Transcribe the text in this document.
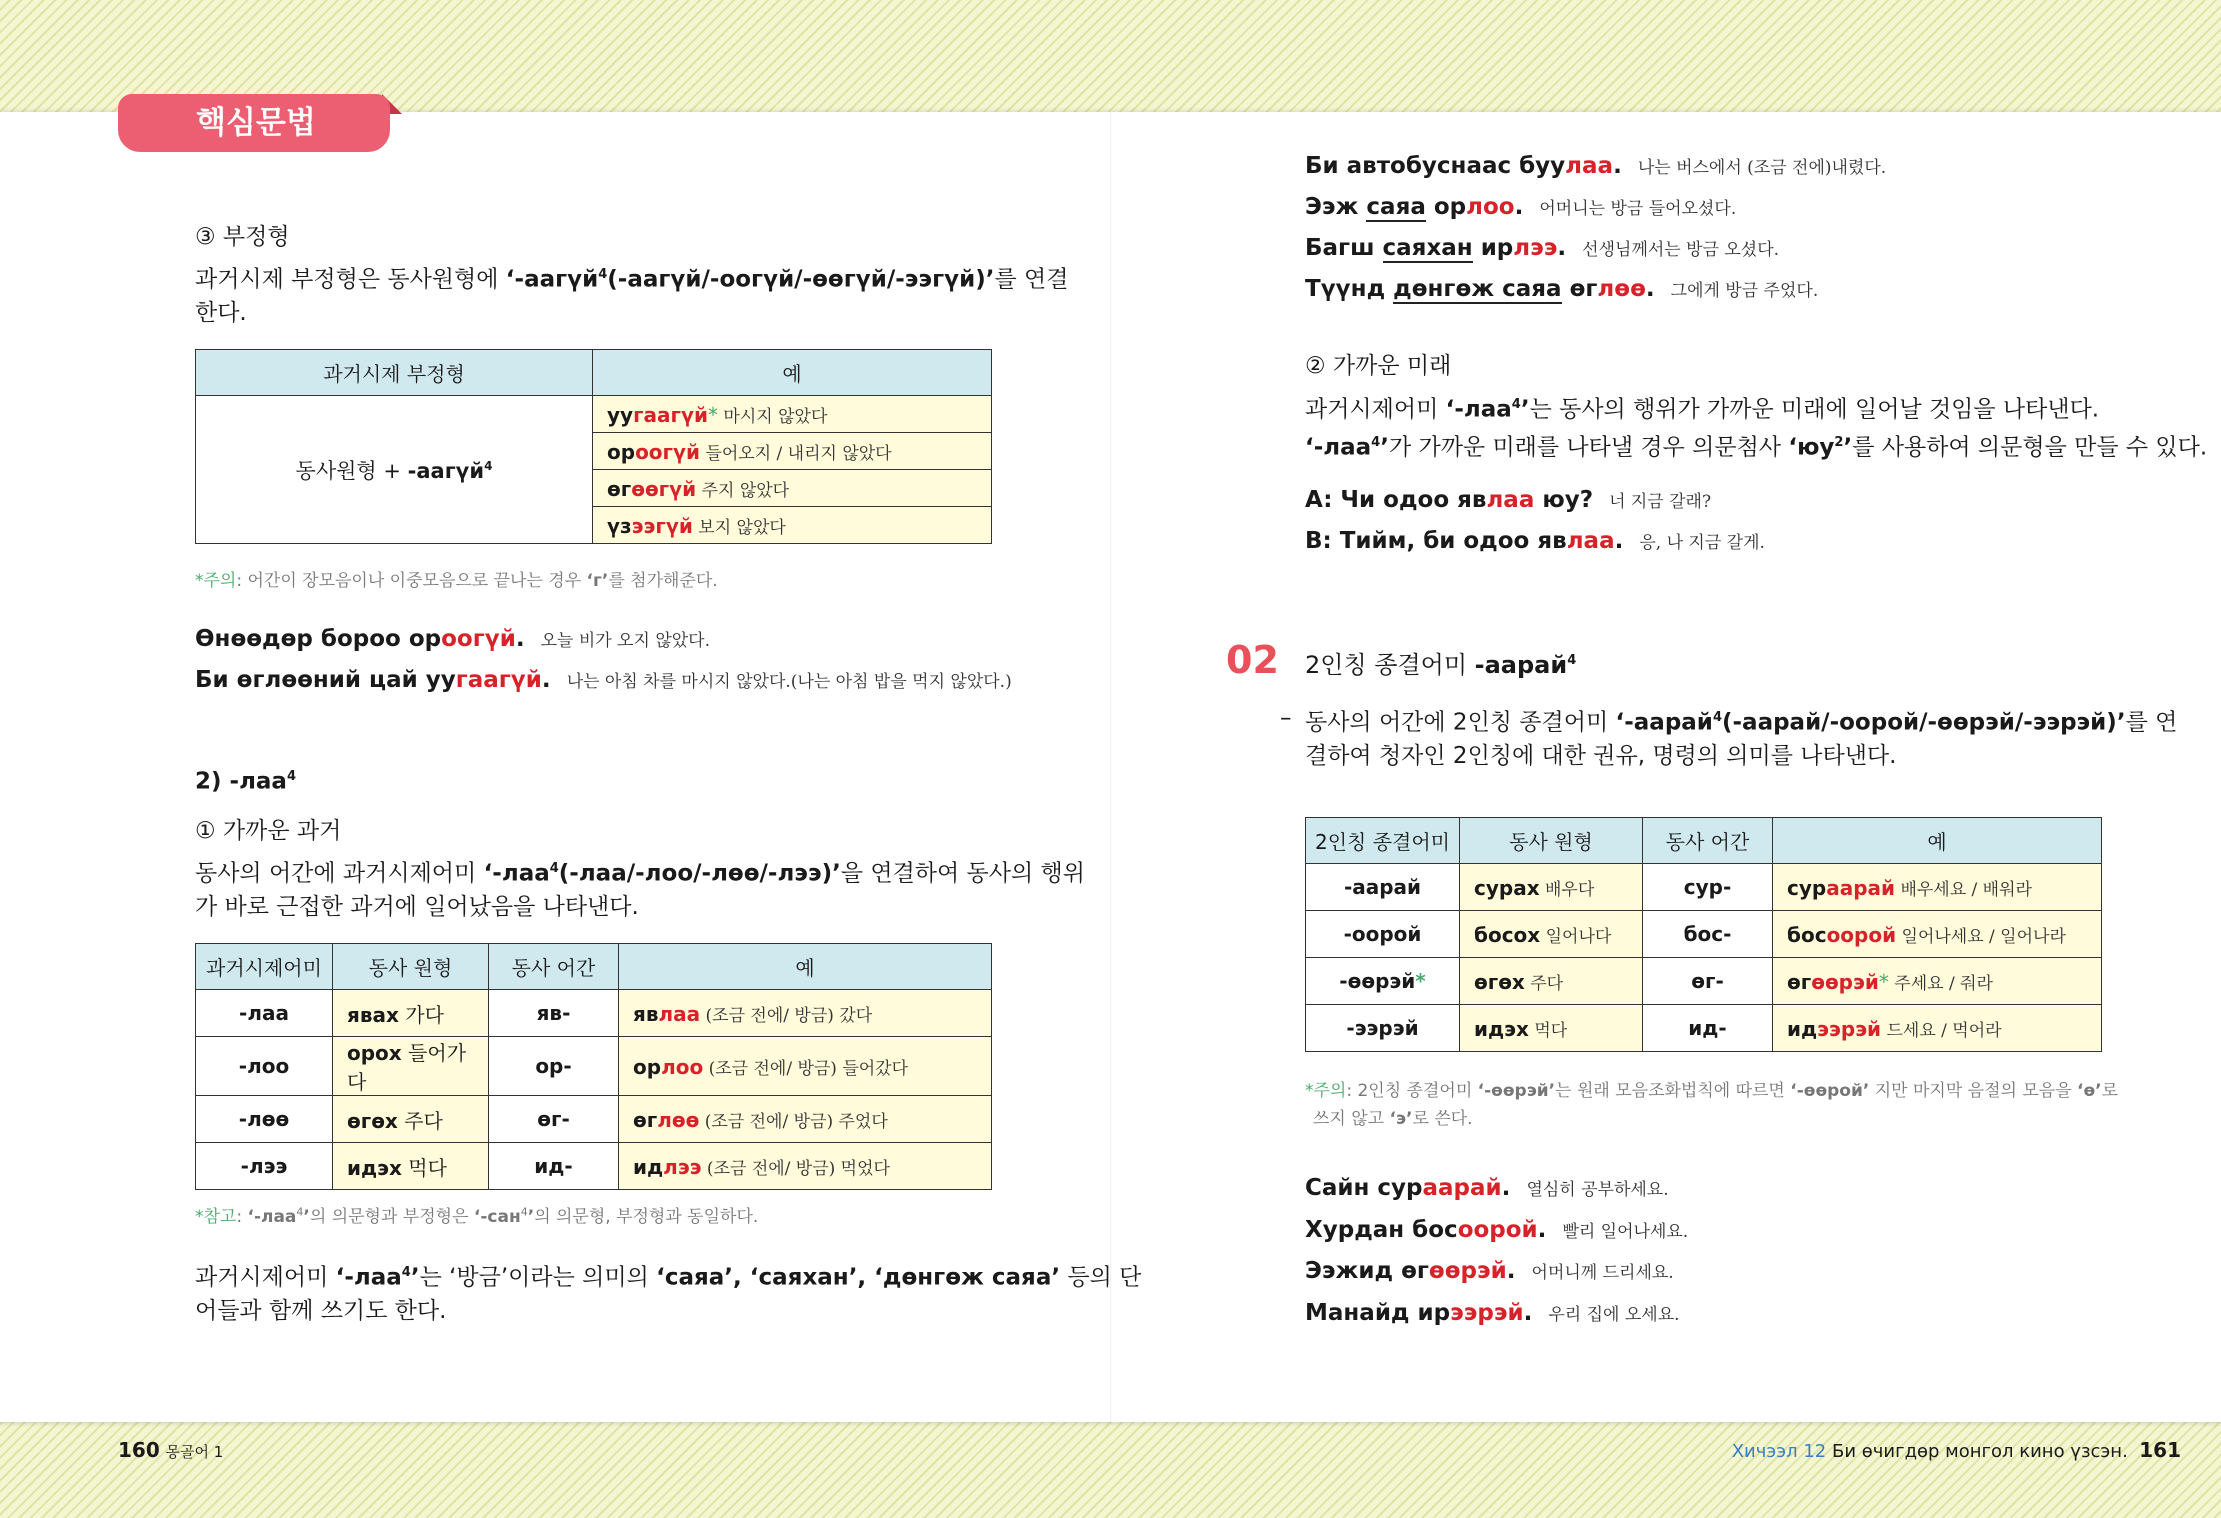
핵심문법
③ 부정형
과거시제 부정형은 동사원형에 ‘-аагүй$^4$(-аагүй/-оогүй/-өөгүй/-ээгүй)’를 연결
한다.
과거시제 부정형	예
동사원형 + -аагүй$^4$	уугаагүй* 마시지 않았다
	ороогүй 들어오지 / 내리지 않았다
	өгөөгүй 주지 않았다
	үзээгүй 보지 않았다
*주의: 어간이 장모음이나 이중모음으로 끝나는 경우 ‘г’를 첨가해준다.
Өнөөдөр бороо ороогүй. 오늘 비가 오지 않았다.
Би өглөөний цай уугаагүй. 나는 아침 차를 마시지 않았다.(나는 아침 밥을 먹지 않았다.)
2) -лаа$^4$
① 가까운 과거
동사의 어간에 과거시제어미 ‘-лаа$^4$(-лаа/-лоо/-лөө/-лээ)’을 연결하여 동사의 행위
가 바로 근접한 과거에 일어났음을 나타낸다.
과거시제어미	동사 원형	동사 어간	예
-лаа	явах 가다	яв-	явлаа (조금 전에/ 방금) 갔다
-лоо	орох 들어가다	ор-	орлоо (조금 전에/ 방금) 들어갔다
-лөө	өгөх 주다	өг-	өглөө (조금 전에/ 방금) 주었다
-лээ	идэх 먹다	ид-	идлээ (조금 전에/ 방금) 먹었다
*참고: ‘-лаа$^4$’의 의문형과 부정형은 ‘-сан$^4$’의 의문형, 부정형과 동일하다.
과거시제어미 ‘-лаа$^4$’는 ‘방금’이라는 의미의 ‘саяа’, ‘саяхан’, ‘дөнгөж саяа’ 등의 단
어들과 함께 쓰기도 한다.
Би автобуснаас буулаа. 나는 버스에서 (조금 전에)내렸다.
Ээж саяа орлоо. 어머니는 방금 들어오셨다.
Багш саяхан ирлээ. 선생님께서는 방금 오셨다.
Түүнд дөнгөж саяа өглөө. 그에게 방금 주었다.
② 가까운 미래
과거시제어미 ‘-лаа$^4$’는 동사의 행위가 가까운 미래에 일어날 것임을 나타낸다.
‘-лаа$^4$’가 가까운 미래를 나타낼 경우 의문첨사 ‘$юу^2$’를 사용하여 의문형을 만들 수 있다.
A: Чи одоо явлаа юу? 너 지금 갈래?
B: Тийм, би одоо явлаа. 응, 나 지금 갈게.
02 2인칭 종결어미 -аарай$^4$
– 동사의 어간에 2인칭 종결어미 ‘-аарай$^4$(-аарай/-оорой/-өөрэй/-ээрэй)’를 연
결하여 청자인 2인칭에 대한 권유, 명령의 의미를 나타낸다.
2인칭 종결어미	동사 원형	동사 어간	예
-аарай	сурах 배우다	сур-	сураарай 배우세요 / 배워라
-оорой	босох 일어나다	бос-	босоорой 일어나세요 / 일어나라
-өөрэй*	өгөх 주다	өг-	өгөөрэй* 주세요 / 줘라
-ээрэй	идэх 먹다	ид-	идээрэй 드세요 / 먹어라
*주의: 2인칭 종결어미 ‘-өөрэй’는 원래 모음조화법칙에 따르면 ‘-өөрой’ 지만 마지막 음절의 모음을 ‘ө’로
쓰지 않고 ‘э’로 쓴다.
Сайн сураарай. 열심히 공부하세요.
Хурдан босоорой. 빨리 일어나세요.
Ээжид өгөөрэй. 어머니께 드리세요.
Манайд ирээрэй. 우리 집에 오세요.
160 몽골어 1	Хичээл 12 Би өчигдөр монгол кино үзсэн. 161
